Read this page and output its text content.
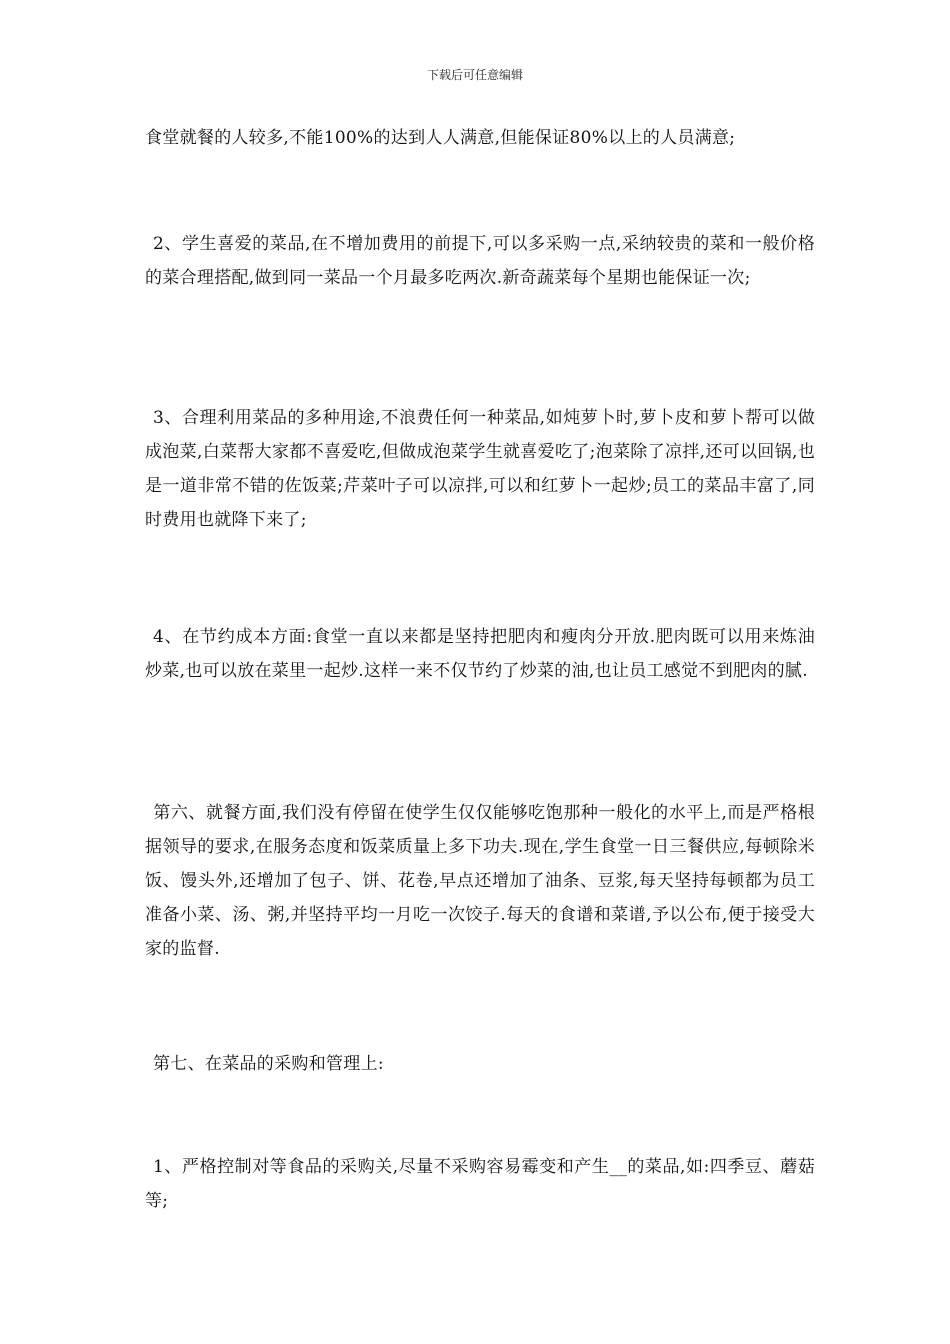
下载后可任意编辑

食堂就餐的人较多,不能100%的达到人人满意,但能保证80%以上的人员满意;

2、学生喜爱的菜品,在不增加费用的前提下,可以多采购一点,采纳较贵的菜和一般价格的菜合理搭配,做到同一菜品一个月最多吃两次.新奇蔬菜每个星期也能保证一次;

3、合理利用菜品的多种用途,不浪费任何一种菜品,如炖萝卜时,萝卜皮和萝卜帮可以做成泡菜,白菜帮大家都不喜爱吃,但做成泡菜学生就喜爱吃了;泡菜除了凉拌,还可以回锅,也是一道非常不错的佐饭菜;芹菜叶子可以凉拌,可以和红萝卜一起炒;员工的菜品丰富了,同时费用也就降下来了;

4、在节约成本方面:食堂一直以来都是坚持把肥肉和瘦肉分开放.肥肉既可以用来炼油炒菜,也可以放在菜里一起炒.这样一来不仅节约了炒菜的油,也让员工感觉不到肥肉的腻.

第六、就餐方面,我们没有停留在使学生仅仅能够吃饱那种一般化的水平上,而是严格根据领导的要求,在服务态度和饭菜质量上多下功夫.现在,学生食堂一日三餐供应,每顿除米饭、馒头外,还增加了包子、饼、花卷,早点还增加了油条、豆浆,每天坚持每顿都为员工准备小菜、汤、粥,并坚持平均一月吃一次饺子.每天的食谱和菜谱,予以公布,便于接受大家的监督.

第七、在菜品的采购和管理上:

1、严格控制对等食品的采购关,尽量不采购容易霉变和产生__的菜品,如:四季豆、蘑菇等;
